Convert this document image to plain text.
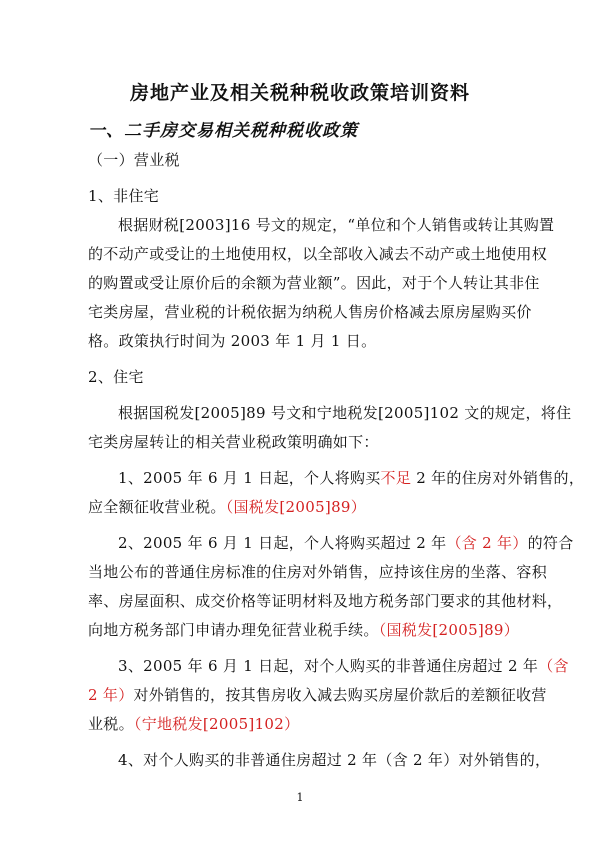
房地产业及相关税种税收政策培训资料
一、二手房交易相关税种税收政策
（一）营业税
1、非住宅
根据财税[2003]16 号文的规定，“单位和个人销售或转让其购置
的不动产或受让的土地使用权，以全部收入减去不动产或土地使用权
的购置或受让原价后的余额为营业额”。因此，对于个人转让其非住
宅类房屋，营业税的计税依据为纳税人售房价格减去原房屋购买价
格。政策执行时间为 2003 年 1 月 1 日。
2、住宅
根据国税发[2005]89 号文和宁地税发[2005]102 文的规定，将住
宅类房屋转让的相关营业税政策明确如下：
1、2005 年 6 月 1 日起，个人将购买不足 2 年的住房对外销售的，
应全额征收营业税。（国税发[2005]89）
2、2005 年 6 月 1 日起，个人将购买超过 2 年（含 2 年）的符合
当地公布的普通住房标准的住房对外销售，应持该住房的坐落、容积
率、房屋面积、成交价格等证明材料及地方税务部门要求的其他材料，
向地方税务部门申请办理免征营业税手续。（国税发[2005]89）
3、2005 年 6 月 1 日起，对个人购买的非普通住房超过 2 年（含
2 年）对外销售的，按其售房收入减去购买房屋价款后的差额征收营
业税。（宁地税发[2005]102）
4、对个人购买的非普通住房超过 2 年（含 2 年）对外销售的，
1
